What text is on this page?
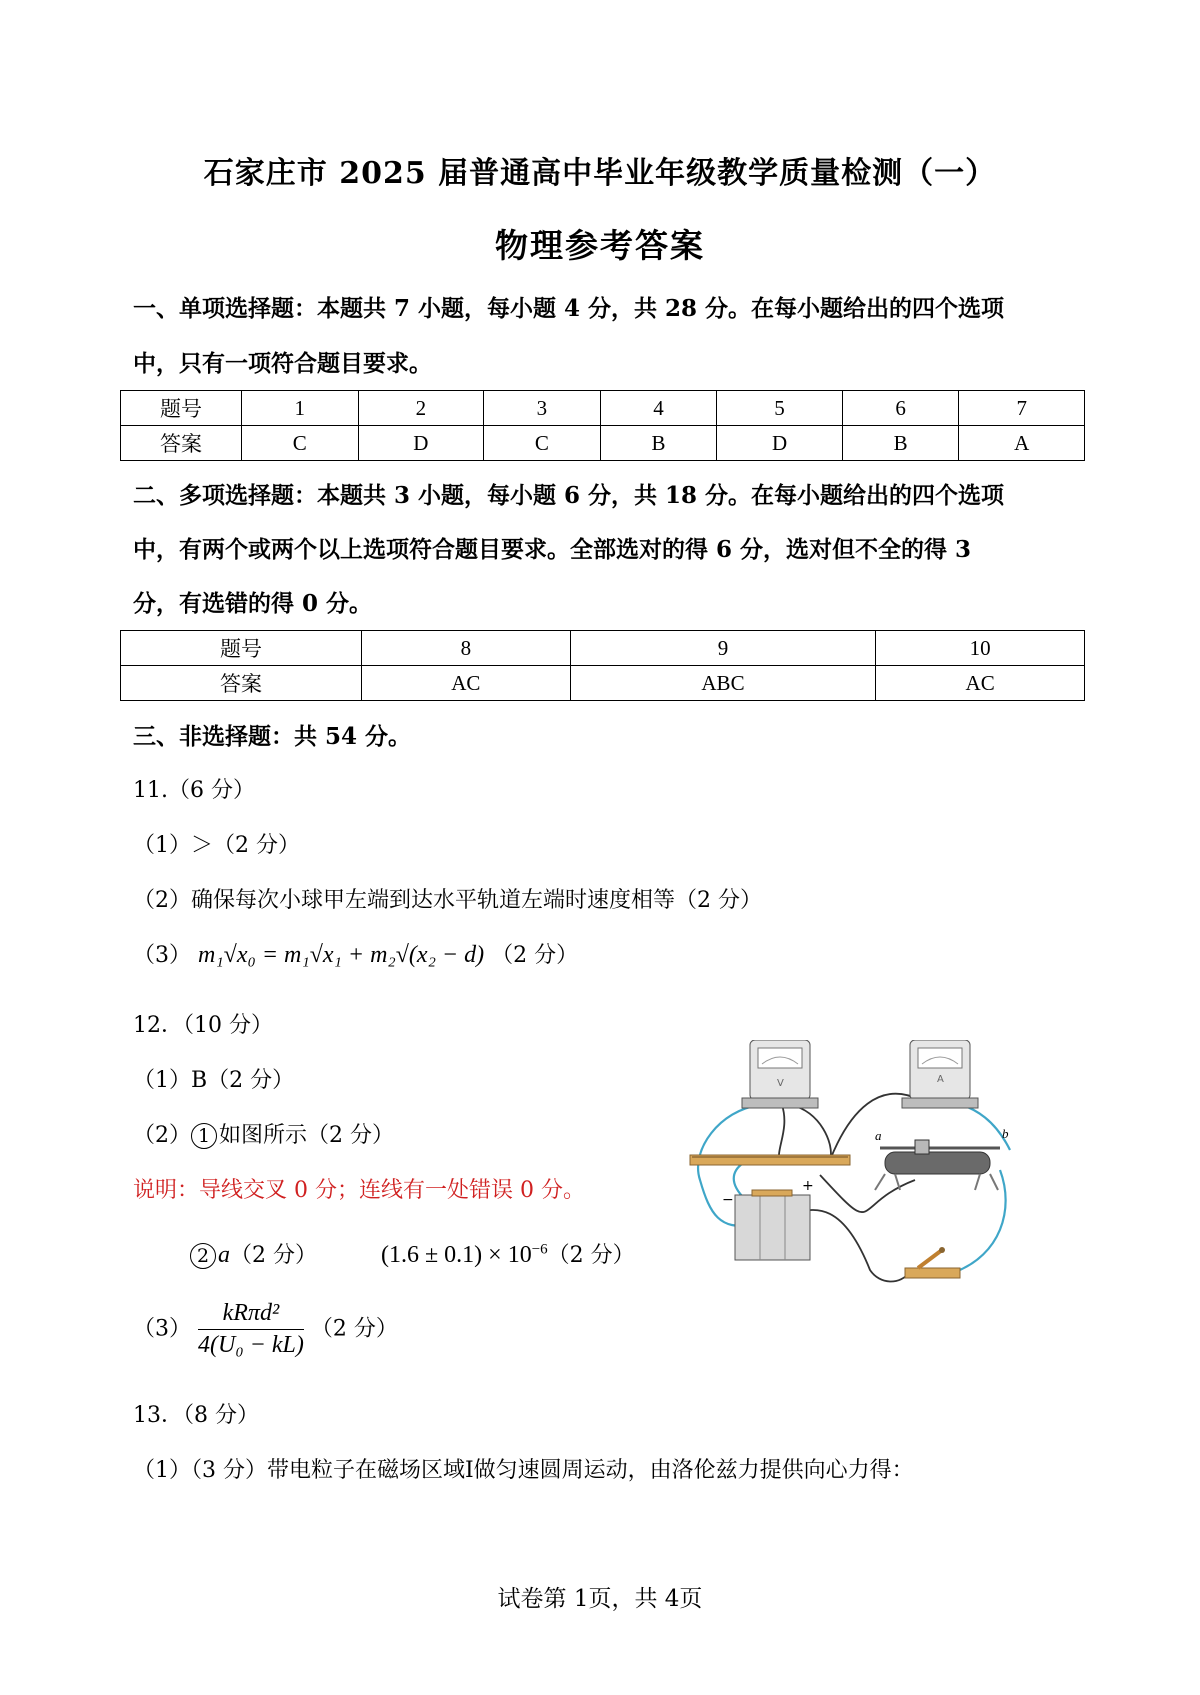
石家庄市 2025 届普通高中毕业年级教学质量检测（一）
物理参考答案
一、单项选择题：本题共 7 小题，每小题 4 分，共 28 分。在每小题给出的四个选项
中，只有一项符合题目要求。
题号	1	2	3	4	5	6	7
答案	C	D	C	B	D	B	A
二、多项选择题：本题共 3 小题，每小题 6 分，共 18 分。在每小题给出的四个选项
中，有两个或两个以上选项符合题目要求。全部选对的得 6 分，选对但不全的得 3
分，有选错的得 0 分。
题号	8	9	10
答案	AC	ABC	AC
三、非选择题：共 54 分。
11.（6 分）
（1）＞（2 分）
（2）确保每次小球甲左端到达水平轨道左端时速度相等（2 分）
（3） m₁√x₀ = m₁√x₁ + m₂√(x₂ − d) （2 分）
12．（10 分）
（1）B（2 分）
（2） 1 如图所示（2 分）
说明：导线交叉 0 分；连线有一处错误 0 分。
2 a（2 分）	$(1.6 \pm 0.1) \times 10^{-6}(2$ 分）
$(3) \frac{\text{kRπd²}}{\text{4(U₀ − kL)}} (2$ 分）
V	A
a	b
+
−
13．（8 分）
（1）（3 分）带电粒子在磁场区域Ⅰ做匀速圆周运动，由洛伦兹力提供向心力得：
试卷第 1页，共 4页
